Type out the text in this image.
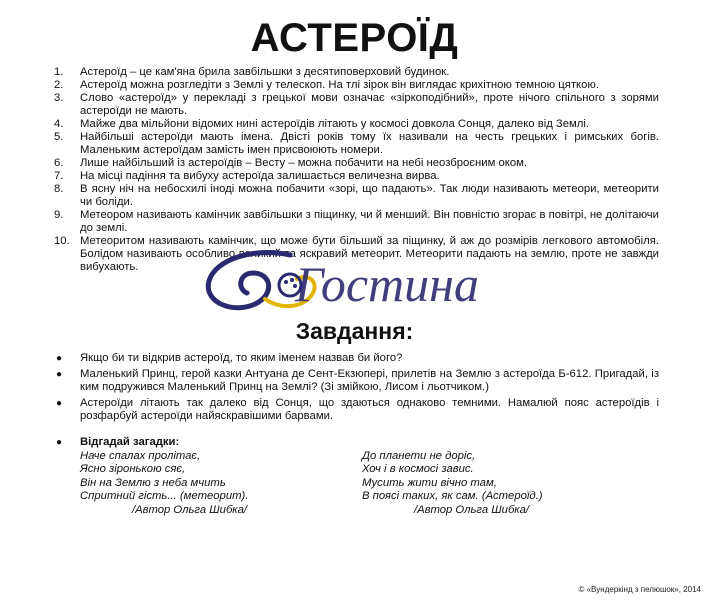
АСТЕРОЇД
1.	Астероїд – це кам'яна брила завбільшки з десятиповерховий будинок.
2.	Астероїд можна розгледіти з Землі у телескоп. На тлі зірок він виглядає крихітною темною цяткою.
3.	Слово «астероїд» у перекладі з грецької мови означає «зіркоподібний», проте нічого спільного з зорями астероїди не мають.
4.	Майже два мільйони відомих нині астероїдів літають у космосі довкола Сонця, далеко від Землі.
5.	Найбільші астероїди мають імена. Двісті років тому їх називали на честь грецьких і римських богів. Маленьким астероїдам замість імен присвоюють номери.
6.	Лише найбільший із астероїдів – Весту – можна побачити на небі неозброєним оком.
7.	На місці падіння та вибуху астероїда залишається величезна вирва.
8.	В ясну ніч на небосхилі іноді можна побачити «зорі, що падають». Так люди називають метеори, метеорити чи боліди.
9.	Метеором називають камінчик завбільшки з піщинку, чи й менший. Він повністю згорає в повітрі, не долітаючи до землі.
10. Метеоритом називають камінчик, що може бути більший за піщинку, й аж до розмірів легкового автомобіля. Болідом називають особливо великий та яскравий метеорит. Метеорити падають на землю, проте не завжди вибухають.	Гостина
Завдання:
● Якщо би ти відкрив астероїд, то яким іменем назвав би його?
● Маленький Принц, герой казки Антуана де Сент-Екзюпері, прилетів на Землю з астероїда Б-612. Пригадай, із ким подружився Маленький Принц на Землі? (Зі змійкою, Лисом і льотчиком.)
● Астероїди літають так далеко від Сонця, що здаються однаково темними. Намалюй пояс астероїдів і розфарбуй астероїди найяскравішими барвами.
● Відгадай загадки:
Наче спалах пролітає,
Ясно зіронькою сяє,
Він на Землю з неба мчить
Спритний гість... (метеорит).
/Автор Ольга Шибка/
До планети не доріс,
Хоч і в космосі завис.
Мусить жити вічно там,
В поясі таких, як сам. (Астероїд.)
/Автор Ольга Шибка/
© «Вундеркінд з пелюшок», 2014
